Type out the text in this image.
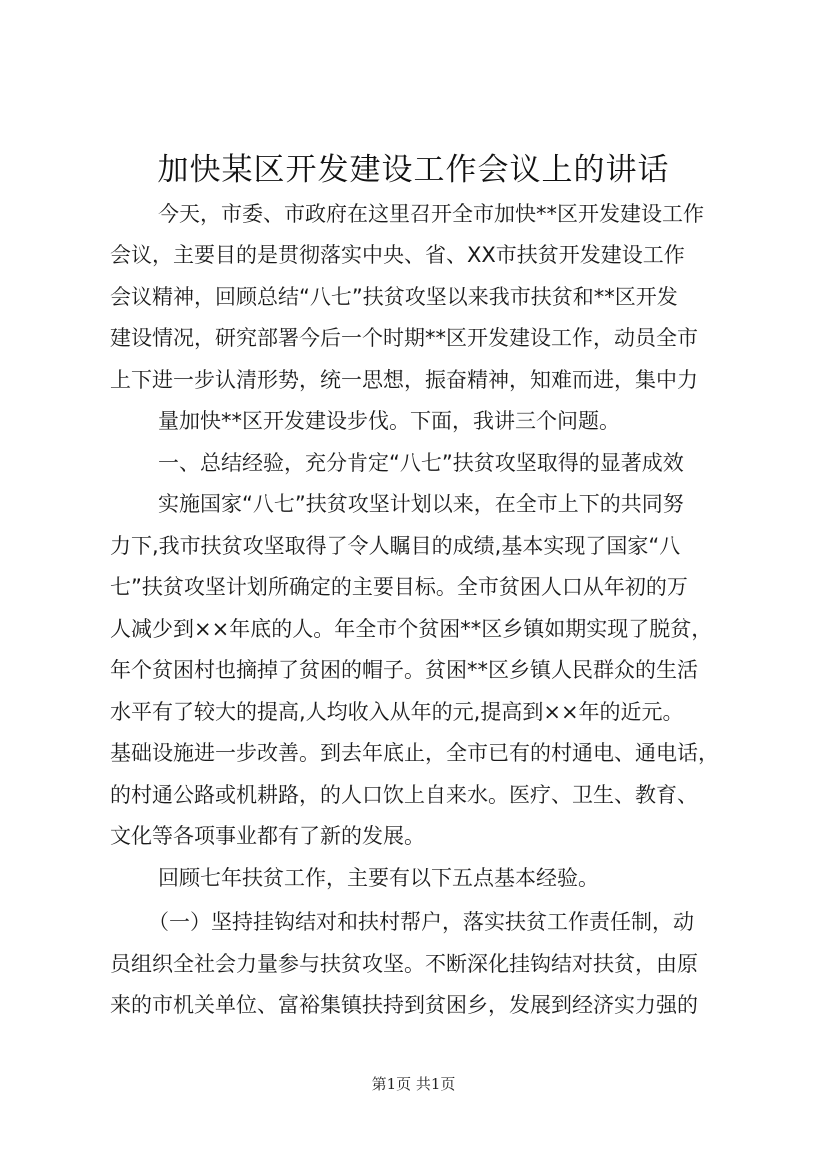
加快某区开发建设工作会议上的讲话
今天，市委、市政府在这里召开全市加快**区开发建设工作
会议，主要目的是贯彻落实中央、省、XX市扶贫开发建设工作
会议精神，回顾总结“八七”扶贫攻坚以来我市扶贫和**区开发
建设情况，研究部署今后一个时期**区开发建设工作，动员全市
上下进一步认清形势，统一思想，振奋精神，知难而进，集中力
量加快**区开发建设步伐。下面，我讲三个问题。
一、总结经验，充分肯定“八七”扶贫攻坚取得的显著成效
实施国家“八七”扶贫攻坚计划以来，在全市上下的共同努
力下,我市扶贫攻坚取得了令人瞩目的成绩,基本实现了国家“八
七”扶贫攻坚计划所确定的主要目标。全市贫困人口从年初的万
人减少到××年底的人。年全市个贫困**区乡镇如期实现了脱贫，
年个贫困村也摘掉了贫困的帽子。贫困**区乡镇人民群众的生活
水平有了较大的提高,人均收入从年的元,提高到××年的近元。
基础设施进一步改善。到去年底止，全市已有的村通电、通电话，
的村通公路或机耕路，的人口饮上自来水。医疗、卫生、教育、
文化等各项事业都有了新的发展。
回顾七年扶贫工作，主要有以下五点基本经验。
（一）坚持挂钩结对和扶村帮户，落实扶贫工作责任制，动
员组织全社会力量参与扶贫攻坚。不断深化挂钩结对扶贫，由原
来的市机关单位、富裕集镇扶持到贫困乡，发展到经济实力强的
第1页 共1页
